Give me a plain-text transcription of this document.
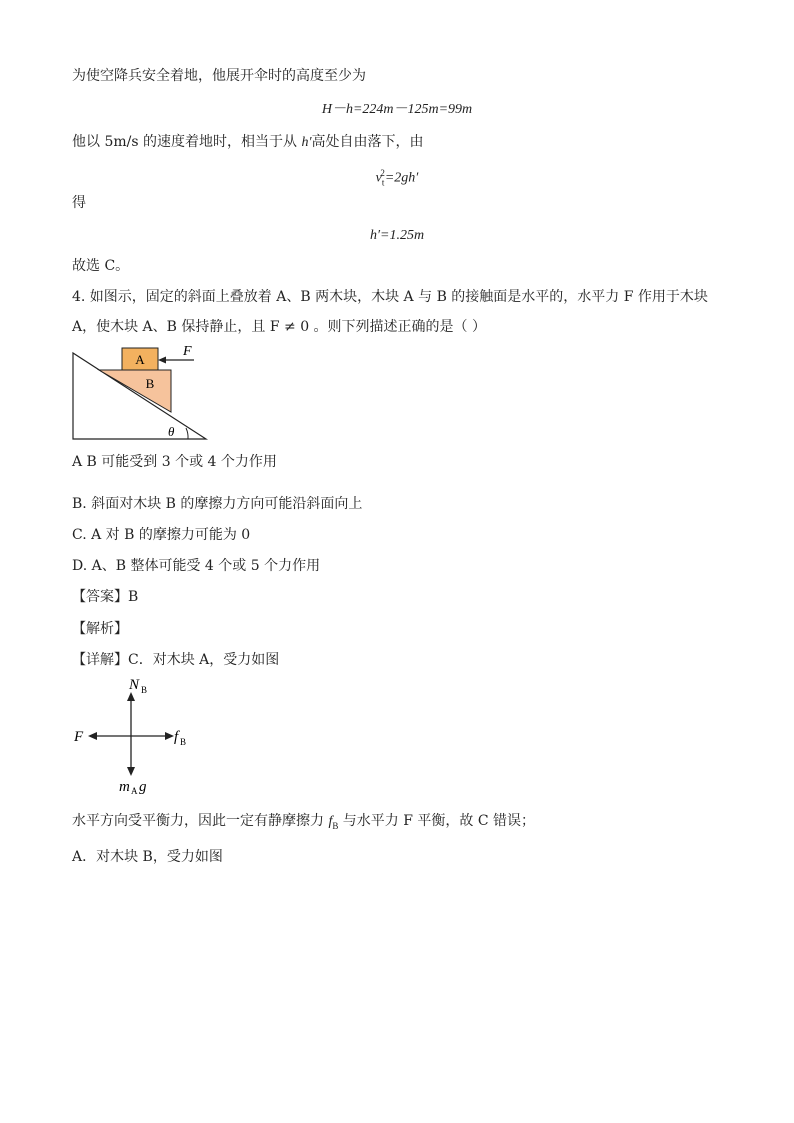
为使空降兵安全着地，他展开伞时的高度至少为
H－h=224m－125m=99m
他以 5m/s 的速度着地时，相当于从 h′高处自由落下，由
$v_t^2=2gh'$
得
h′=1.25m
故选 C。
4. 如图示，固定的斜面上叠放着 A、B 两木块，木块 A 与 B 的接触面是水平的，水平力 F 作用于木块
A，使木块 A、B 保持静止，且 F ≠ 0 。则下列描述正确的是（ ）
A
B
F
θ
A B 可能受到 3 个或 4 个力作用
B. 斜面对木块 B 的摩擦力方向可能沿斜面向上
C. A 对 B 的摩擦力可能为 0
D. A、B 整体可能受 4 个或 5 个力作用
【答案】B
【解析】
【详解】C．对木块 A，受力如图
N B
F	f B
m A g
水平方向受平衡力，因此一定有静摩擦力 $f_B$ 与水平力 F 平衡，故 C 错误；
A．对木块 B，受力如图
